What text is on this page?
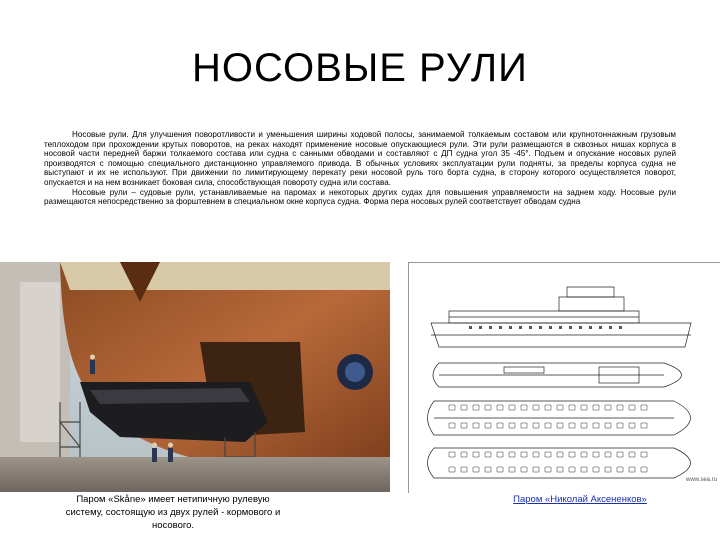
НОСОВЫЕ РУЛИ

Носовые рули. Для улучшения поворотливости и уменьшения ширины ходовой полосы, занимаемой толкаемым составом или крупнотоннажным грузовым теплоходом при прохождении крутых поворотов, на реках находят применение носовые опускающиеся рули. Эти рули размещаются в сквозных нишах корпуса в носовой части передней баржи толкаемого состава или судна с санными обводами и составляют с ДП судна угол 35 -45°. Подъем и опускание носовых рулей производятся с помощью специального дистанционно управляемого привода. В обычных условиях эксплуатации рули подняты, за пределы корпуса судна не выступают и их не используют. При движении по лимитирующему перекату реки носовой руль того борта судна, в сторону которого осуществляется поворот, опускается и на нем возникает боковая сила, способствующая повороту судна или состава.

Носовые рули – судовые рули, устанавливаемые на паромах и некоторых других судах для повышения управляемости на заднем ходу. Носовые рули размещаются непосредственно за форштевнем в специальном окне корпуса судна. Форма пера носовых рулей соответствует обводам судна

www.sea.ru
Паром «Skåne» имеет нетипичную рулевую систему, состоящую из двух рулей - кормового и носового.
Паром «Николай Аксененков»
